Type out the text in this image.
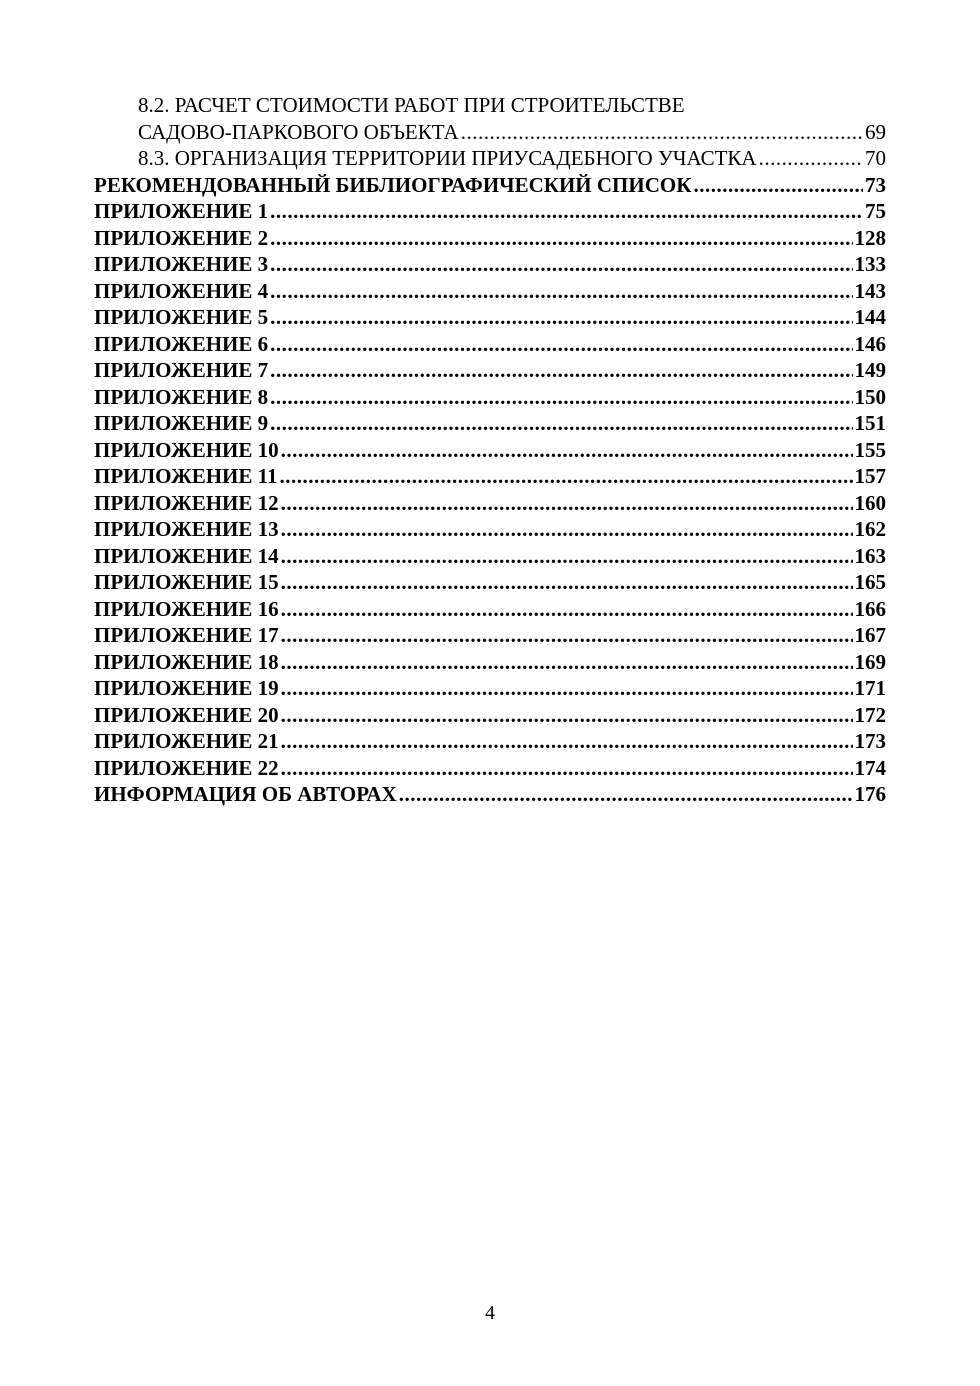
8.2. РАСЧЕТ СТОИМОСТИ РАБОТ ПРИ СТРОИТЕЛЬСТВЕ
САДОВО-ПАРКОВОГО ОБЪЕКТА .....	69
8.3. ОРГАНИЗАЦИЯ ТЕРРИТОРИИ ПРИУСАДЕБНОГО УЧАСТКА .....	70
РЕКОМЕНДОВАННЫЙ БИБЛИОГРАФИЧЕСКИЙ СПИСОК .....	73
ПРИЛОЖЕНИЕ 1 .....	75
ПРИЛОЖЕНИЕ 2 .....	128
ПРИЛОЖЕНИЕ 3 .....	133
ПРИЛОЖЕНИЕ 4 .....	143
ПРИЛОЖЕНИЕ 5 .....	144
ПРИЛОЖЕНИЕ 6 .....	146
ПРИЛОЖЕНИЕ 7 .....	149
ПРИЛОЖЕНИЕ 8 .....	150
ПРИЛОЖЕНИЕ 9 .....	151
ПРИЛОЖЕНИЕ 10 .....	155
ПРИЛОЖЕНИЕ 11 .....	157
ПРИЛОЖЕНИЕ 12 .....	160
ПРИЛОЖЕНИЕ 13 .....	162
ПРИЛОЖЕНИЕ 14 .....	163
ПРИЛОЖЕНИЕ 15 .....	165
ПРИЛОЖЕНИЕ 16 .....	166
ПРИЛОЖЕНИЕ 17 .....	167
ПРИЛОЖЕНИЕ 18 .....	169
ПРИЛОЖЕНИЕ 19 .....	171
ПРИЛОЖЕНИЕ 20 .....	172
ПРИЛОЖЕНИЕ 21 .....	173
ПРИЛОЖЕНИЕ 22 .....	174
ИНФОРМАЦИЯ ОБ АВТОРАХ .....	176
4
